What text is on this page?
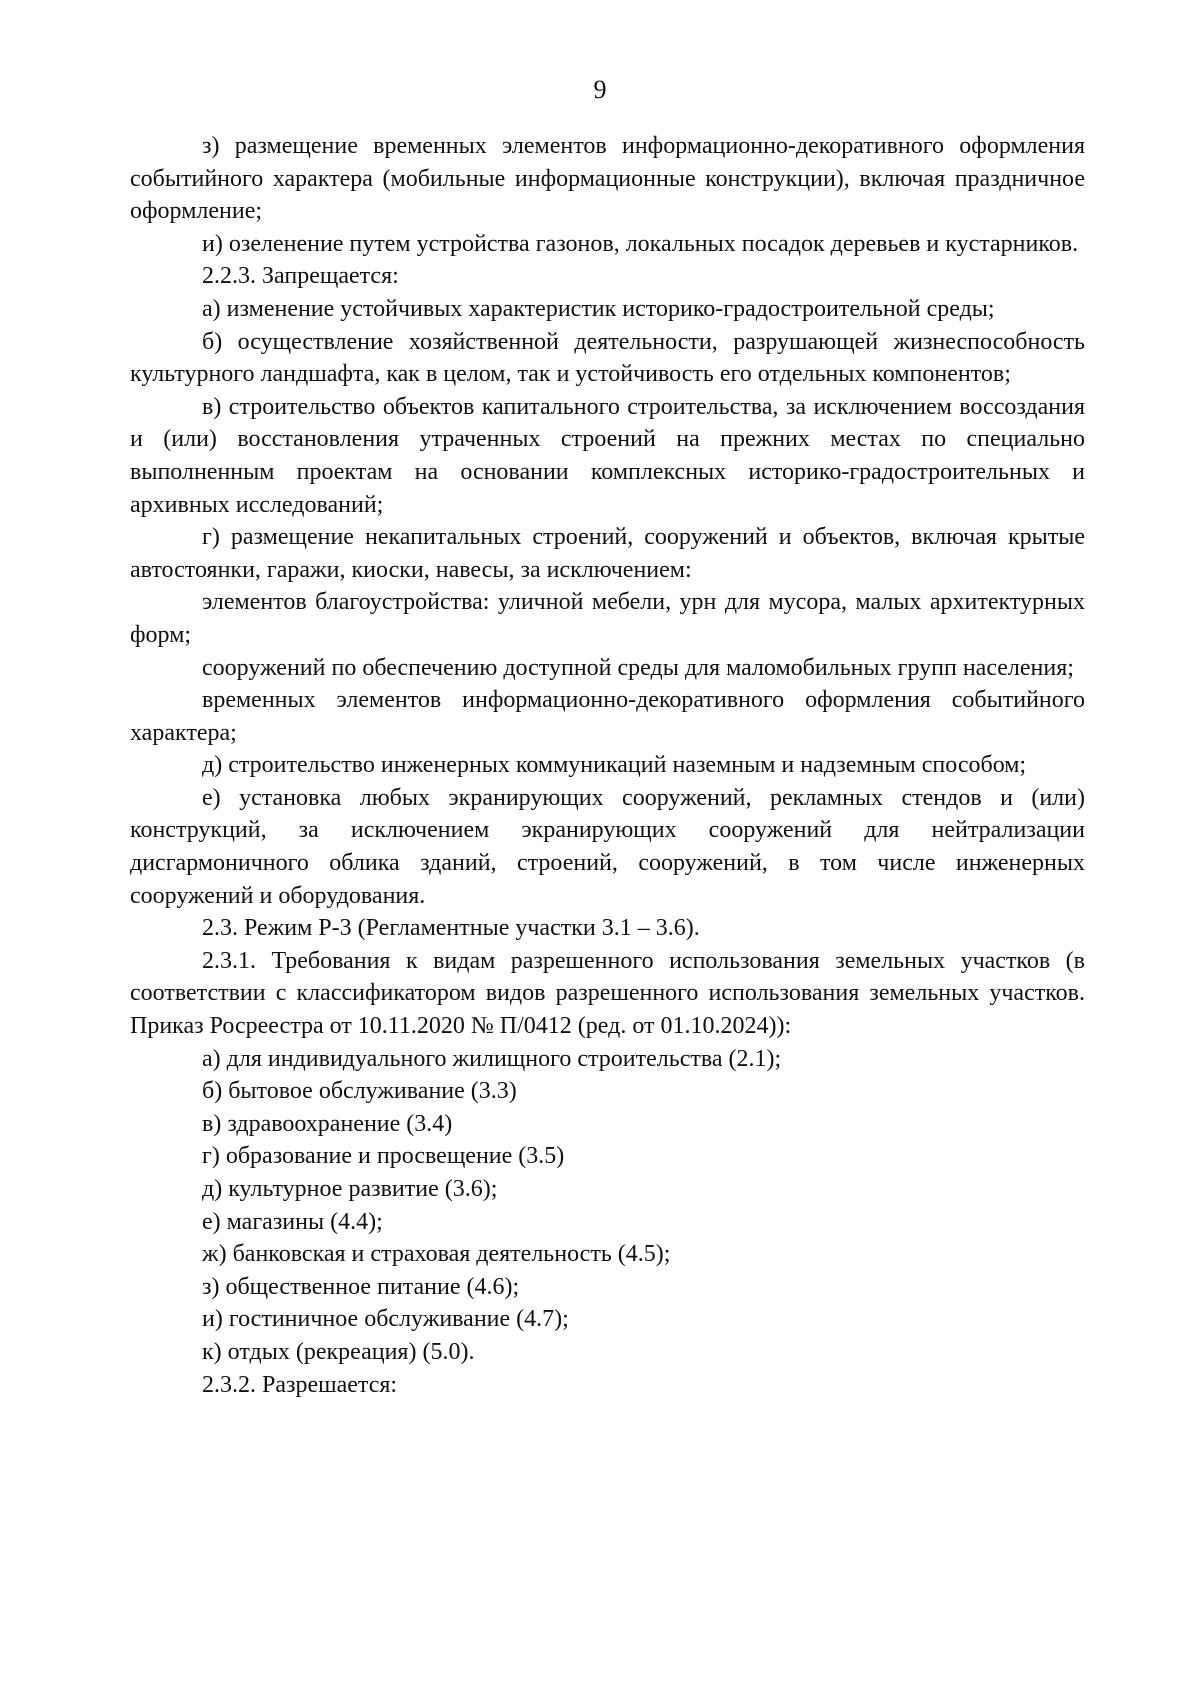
9

з) размещение временных элементов информационно-декоративного оформления событийного характера (мобильные информационные конструкции), включая праздничное оформление;

и) озеленение путем устройства газонов, локальных посадок деревьев и кустарников.

2.2.3. Запрещается:

а) изменение устойчивых характеристик историко-градостроительной среды;

б) осуществление хозяйственной деятельности, разрушающей жизнеспособность культурного ландшафта, как в целом, так и устойчивость его отдельных компонентов;

в) строительство объектов капитального строительства, за исключением воссоздания и (или) восстановления утраченных строений на прежних местах по специально выполненным проектам на основании комплексных историко-градостроительных и архивных исследований;

г) размещение некапитальных строений, сооружений и объектов, включая крытые автостоянки, гаражи, киоски, навесы, за исключением:

элементов благоустройства: уличной мебели, урн для мусора, малых архитектурных форм;

сооружений по обеспечению доступной среды для маломобильных групп населения;

временных элементов информационно-декоративного оформления событийного характера;

д) строительство инженерных коммуникаций наземным и надземным способом;

е) установка любых экранирующих сооружений, рекламных стендов и (или) конструкций, за исключением экранирующих сооружений для нейтрализации дисгармоничного облика зданий, строений, сооружений, в том числе инженерных сооружений и оборудования.

2.3. Режим Р-3 (Регламентные участки 3.1 – 3.6).

2.3.1. Требования к видам разрешенного использования земельных участков (в соответствии с классификатором видов разрешенного использования земельных участков. Приказ Росреестра от 10.11.2020 № П/0412 (ред. от 01.10.2024)):

а) для индивидуального жилищного строительства (2.1);

б) бытовое обслуживание (3.3)

в) здравоохранение (3.4)

г) образование и просвещение (3.5)

д) культурное развитие (3.6);

е) магазины (4.4);

ж) банковская и страховая деятельность (4.5);

з) общественное питание (4.6);

и) гостиничное обслуживание (4.7);

к) отдых (рекреация) (5.0).

2.3.2. Разрешается:
